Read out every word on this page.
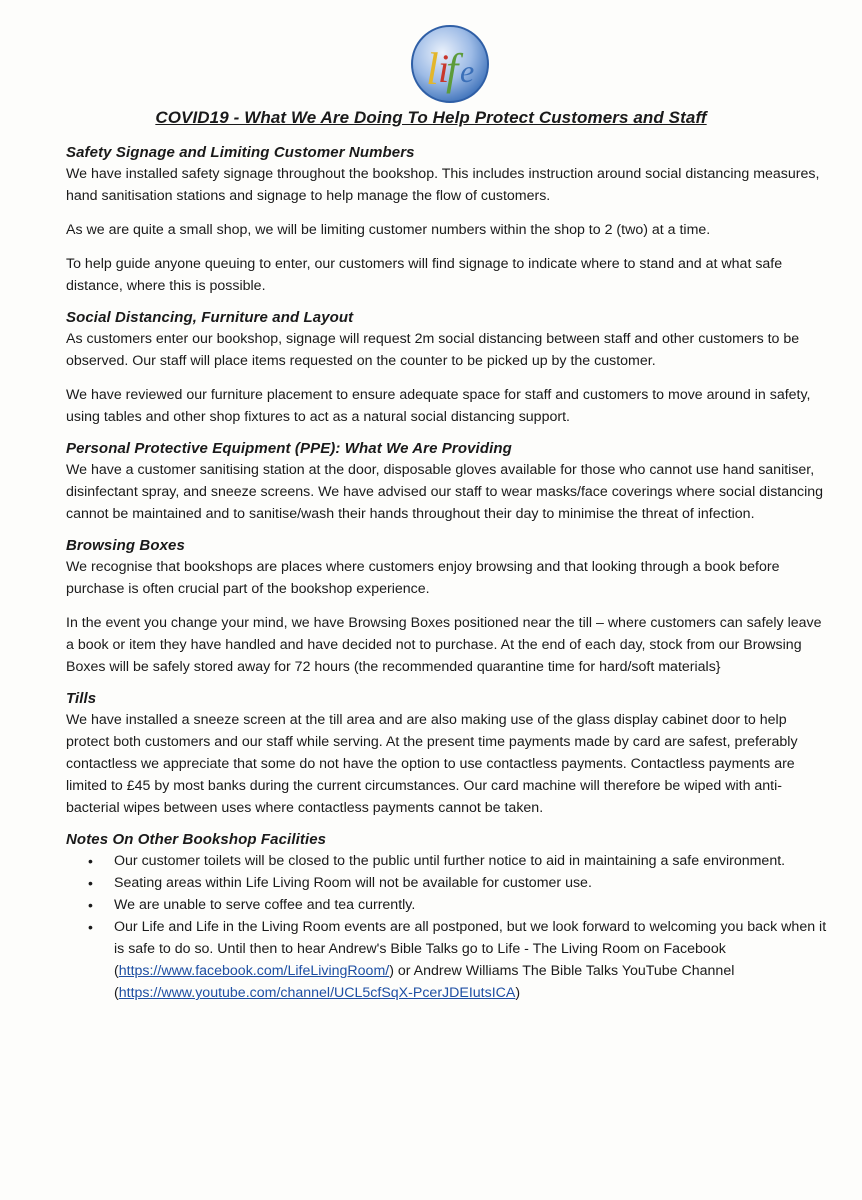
l i
f e
COVID19 - What We Are Doing To Help Protect Customers and Staff
Safety Signage and Limiting Customer Numbers

We have installed safety signage throughout the bookshop. This includes instruction around social distancing measures, hand sanitisation stations and signage to help manage the flow of customers.

As we are quite a small shop, we will be limiting customer numbers within the shop to 2 (two) at a time.

To help guide anyone queuing to enter, our customers will find signage to indicate where to stand and at what safe distance, where this is possible.

Social Distancing, Furniture and Layout

As customers enter our bookshop, signage will request 2m social distancing between staff and other customers to be observed. Our staff will place items requested on the counter to be picked up by the customer.

We have reviewed our furniture placement to ensure adequate space for staff and customers to move around in safety, using tables and other shop fixtures to act as a natural social distancing support.

Personal Protective Equipment (PPE): What We Are Providing

We have a customer sanitising station at the door, disposable gloves available for those who cannot use hand sanitiser, disinfectant spray, and sneeze screens. We have advised our staff to wear masks/face coverings where social distancing cannot be maintained and to sanitise/wash their hands throughout their day to minimise the threat of infection.

Browsing Boxes

We recognise that bookshops are places where customers enjoy browsing and that looking through a book before purchase is often crucial part of the bookshop experience.

In the event you change your mind, we have Browsing Boxes positioned near the till – where customers can safely leave a book or item they have handled and have decided not to purchase. At the end of each day, stock from our Browsing Boxes will be safely stored away for 72 hours (the recommended quarantine time for hard/soft materials}

Tills

We have installed a sneeze screen at the till area and are also making use of the glass display cabinet door to help protect both customers and our staff while serving. At the present time payments made by card are safest, preferably contactless we appreciate that some do not have the option to use contactless payments. Contactless payments are limited to £45 by most banks during the current circumstances. Our card machine will therefore be wiped with anti-bacterial wipes between uses where contactless payments cannot be taken.

Notes On Other Bookshop Facilities
• Our customer toilets will be closed to the public until further notice to aid in maintaining a safe environment.
• Seating areas within Life Living Room will not be available for customer use.
• We are unable to serve coffee and tea currently.
• Our Life and Life in the Living Room events are all postponed, but we look forward to welcoming you back when it is safe to do so. Until then to hear Andrew's Bible Talks go to Life - The Living Room on Facebook (https://www.facebook.com/LifeLivingRoom/) or Andrew Williams The Bible Talks YouTube Channel (https://www.youtube.com/channel/UCL5cfSqX-PcerJDEIutsICA)
